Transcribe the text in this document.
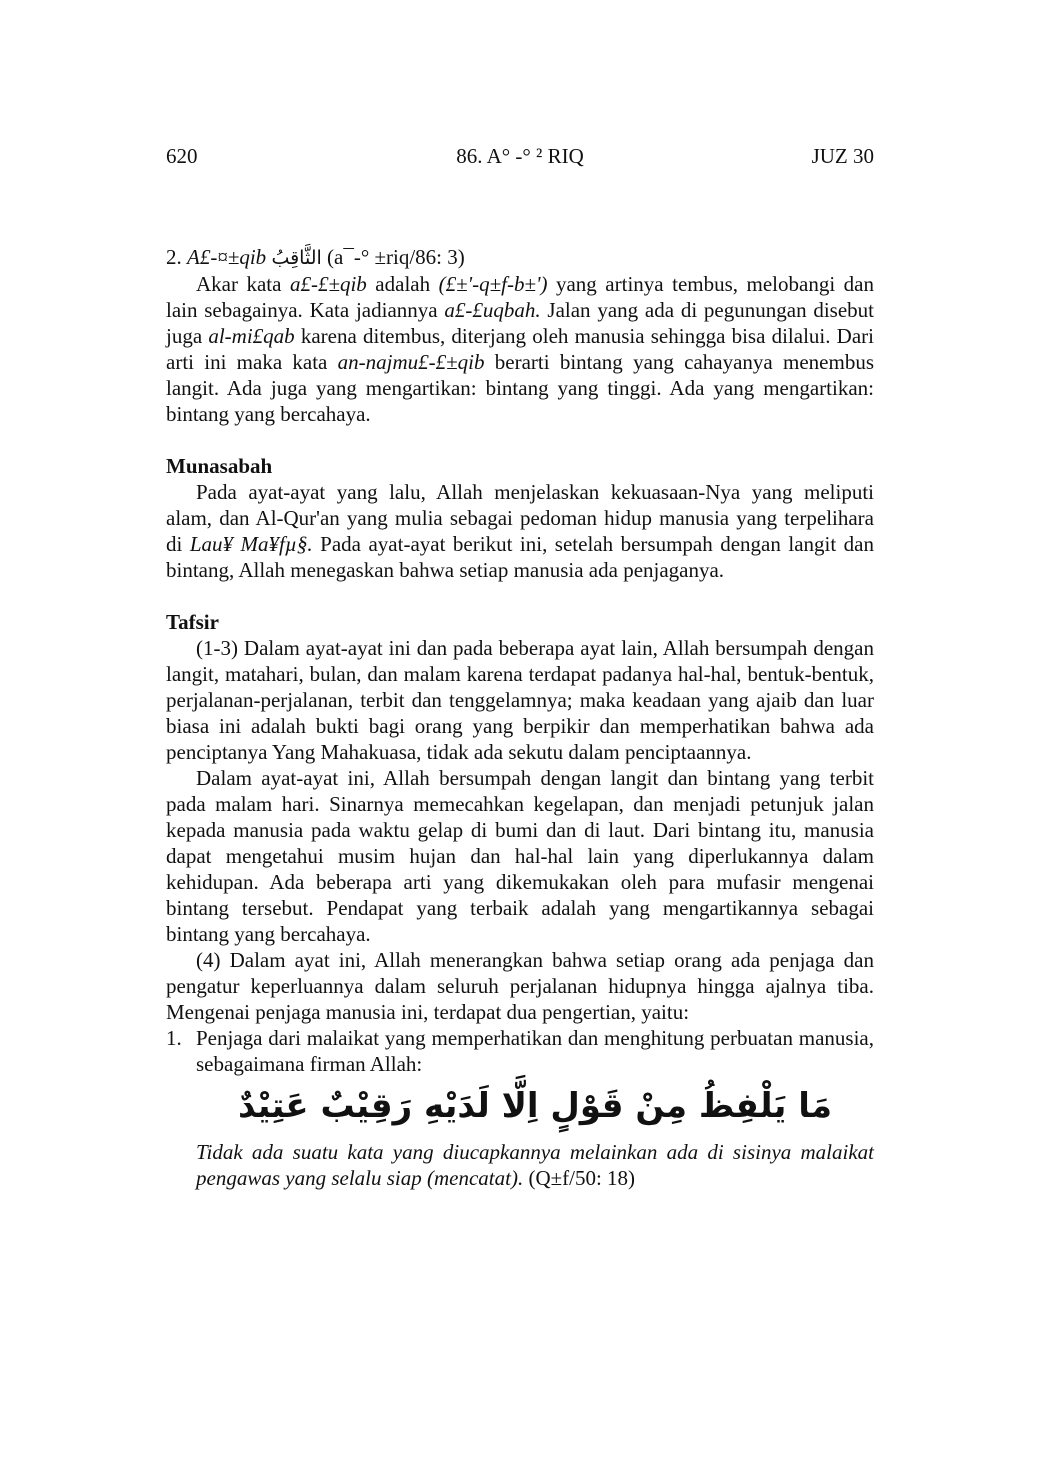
620	86. A° -° ² RIQ	JUZ 30
2. A£-¤±qib الثَّاقِبُ (a¯-° ±riq/86: 3)

Akar kata a£-£±qib adalah (£±'-q±f-b±') yang artinya tembus, melobangi dan lain sebagainya. Kata jadiannya a£-£uqbah. Jalan yang ada di pegunungan disebut juga al-mi£qab karena ditembus, diterjang oleh manusia sehingga bisa dilalui. Dari arti ini maka kata an-najmu£-£±qib berarti bintang yang cahayanya menembus langit. Ada juga yang mengartikan: bintang yang tinggi. Ada yang mengartikan: bintang yang bercahaya.

Munasabah

Pada ayat-ayat yang lalu, Allah menjelaskan kekuasaan-Nya yang meliputi alam, dan Al-Qur'an yang mulia sebagai pedoman hidup manusia yang terpelihara di Lau¥ Ma¥fµ§. Pada ayat-ayat berikut ini, setelah bersumpah dengan langit dan bintang, Allah menegaskan bahwa setiap manusia ada penjaganya.

Tafsir

(1-3) Dalam ayat-ayat ini dan pada beberapa ayat lain, Allah bersumpah dengan langit, matahari, bulan, dan malam karena terdapat padanya hal-hal, bentuk-bentuk, perjalanan-perjalanan, terbit dan tenggelamnya; maka keadaan yang ajaib dan luar biasa ini adalah bukti bagi orang yang berpikir dan memperhatikan bahwa ada penciptanya Yang Mahakuasa, tidak ada sekutu dalam penciptaannya.

Dalam ayat-ayat ini, Allah bersumpah dengan langit dan bintang yang terbit pada malam hari. Sinarnya memecahkan kegelapan, dan menjadi petunjuk jalan kepada manusia pada waktu gelap di bumi dan di laut. Dari bintang itu, manusia dapat mengetahui musim hujan dan hal-hal lain yang diperlukannya dalam kehidupan. Ada beberapa arti yang dikemukakan oleh para mufasir mengenai bintang tersebut. Pendapat yang terbaik adalah yang mengartikannya sebagai bintang yang bercahaya.

(4) Dalam ayat ini, Allah menerangkan bahwa setiap orang ada penjaga dan pengatur keperluannya dalam seluruh perjalanan hidupnya hingga ajalnya tiba. Mengenai penjaga manusia ini, terdapat dua pengertian, yaitu:

1. Penjaga dari malaikat yang memperhatikan dan menghitung perbuatan manusia, sebagaimana firman Allah:
مَا يَلْفِظُ مِنْ قَوْلٍ اِلَّا لَدَيْهِ رَقِيْبٌ عَتِيْدٌ
Tidak ada suatu kata yang diucapkannya melainkan ada di sisinya malaikat pengawas yang selalu siap (mencatat). (Q±f/50: 18)
